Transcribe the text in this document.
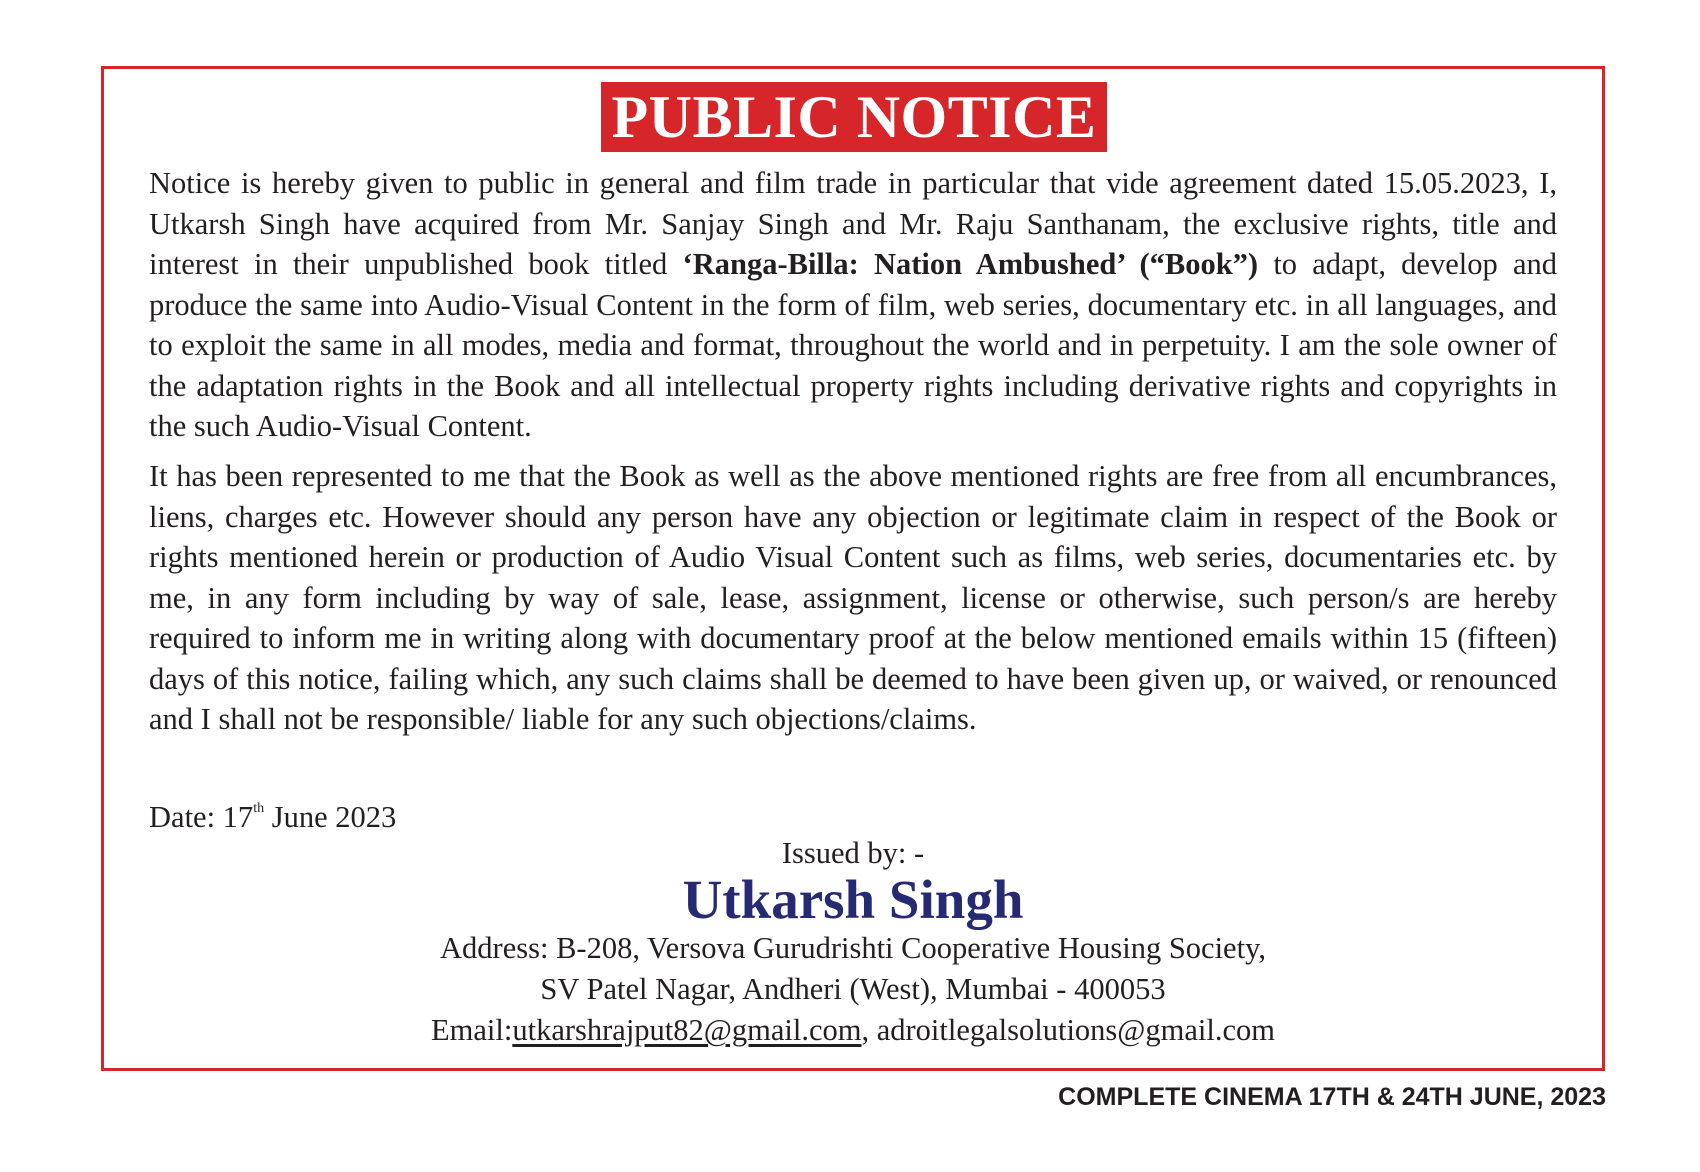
PUBLIC NOTICE

Notice is hereby given to public in general and film trade in particular that vide agreement dated 15.05.2023, I, Utkarsh Singh have acquired from Mr. Sanjay Singh and Mr. Raju Santhanam, the exclusive rights, title and interest in their unpublished book titled ‘Ranga-Billa: Nation Ambushed’ (“Book”) to adapt, develop and produce the same into Audio-Visual Content in the form of film, web series, documentary etc. in all languages, and to exploit the same in all modes, media and format, throughout the world and in perpetuity. I am the sole owner of the adaptation rights in the Book and all intellectual property rights including derivative rights and copyrights in the such Audio-Visual Content.

It has been represented to me that the Book as well as the above mentioned rights are free from all encumbrances, liens, charges etc. However should any person have any objection or legitimate claim in respect of the Book or rights mentioned herein or production of Audio Visual Content such as films, web series, documentaries etc. by me, in any form including by way of sale, lease, assignment, license or otherwise, such person/s are hereby required to inform me in writing along with documentary proof at the below mentioned emails within 15 (fifteen) days of this notice, failing which, any such claims shall be deemed to have been given up, or waived, or renounced and I shall not be responsible/ liable for any such objections/claims.

Date: 17th June 2023
Issued by: -
Utkarsh Singh
Address: B-208, Versova Gurudrishti Cooperative Housing Society,
SV Patel Nagar, Andheri (West), Mumbai - 400053
Email:utkarshrajput82@gmail.com, adroitlegalsolutions@gmail.com
COMPLETE CINEMA 17TH & 24TH JUNE, 2023
